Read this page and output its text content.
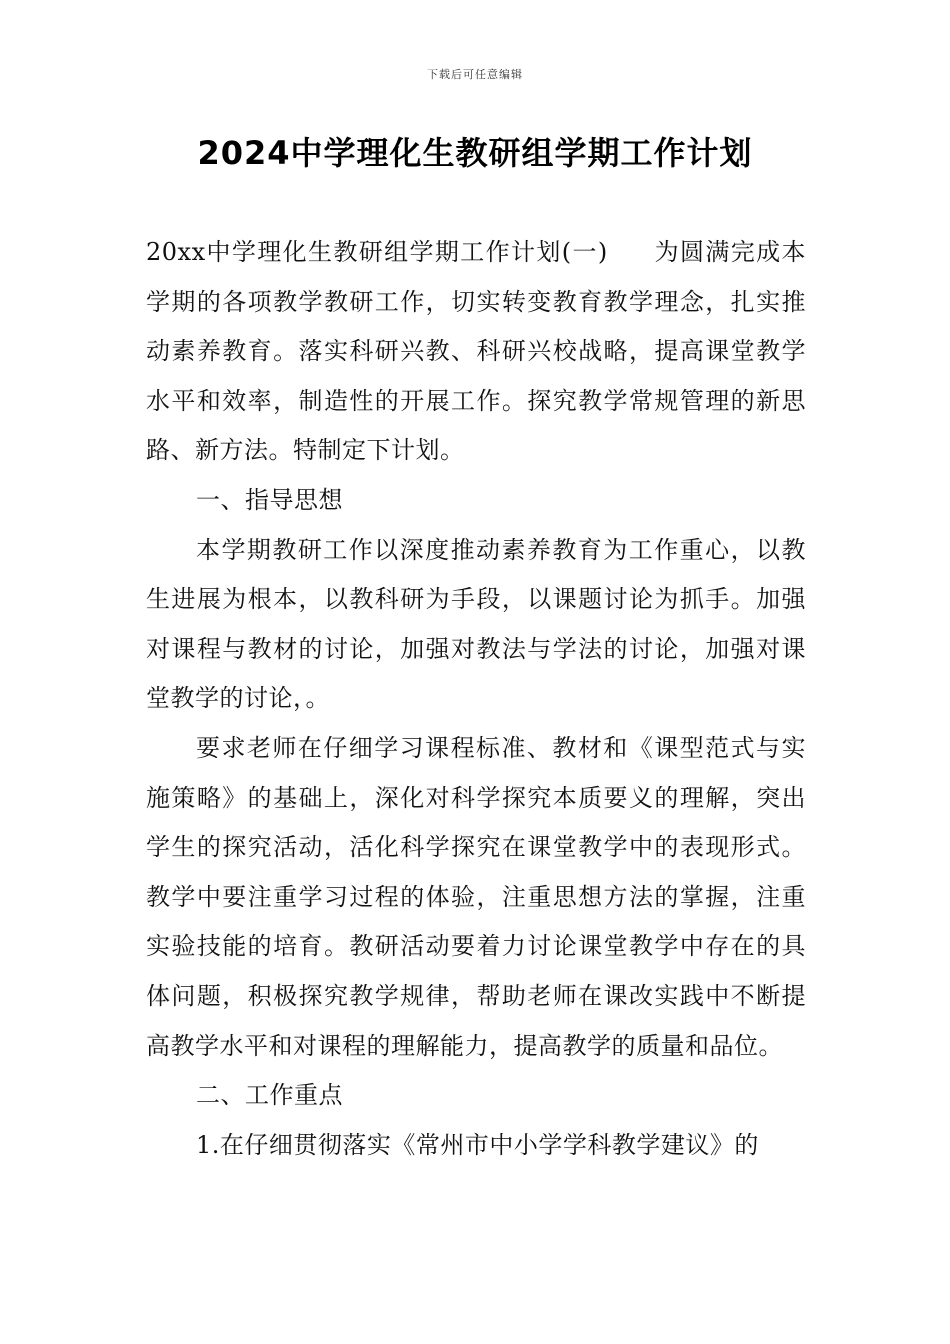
下载后可任意编辑
2024中学理化生教研组学期工作计划

20xx中学理化生教研组学期工作计划(一) 为圆满完成本学期的各项教学教研工作，切实转变教育教学理念，扎实推动素养教育。落实科研兴教、科研兴校战略，提高课堂教学水平和效率，制造性的开展工作。探究教学常规管理的新思路、新方法。特制定下计划。

一、指导思想

本学期教研工作以深度推动素养教育为工作重心，以教生进展为根本，以教科研为手段，以课题讨论为抓手。加强对课程与教材的讨论，加强对教法与学法的讨论，加强对课堂教学的讨论，。

要求老师在仔细学习课程标准、教材和《课型范式与实施策略》的基础上，深化对科学探究本质要义的理解，突出学生的探究活动，活化科学探究在课堂教学中的表现形式。教学中要注重学习过程的体验，注重思想方法的掌握，注重实验技能的培育。教研活动要着力讨论课堂教学中存在的具体问题，积极探究教学规律，帮助老师在课改实践中不断提高教学水平和对课程的理解能力，提高教学的质量和品位。

二、工作重点

1.在仔细贯彻落实《常州市中小学学科教学建议》的
